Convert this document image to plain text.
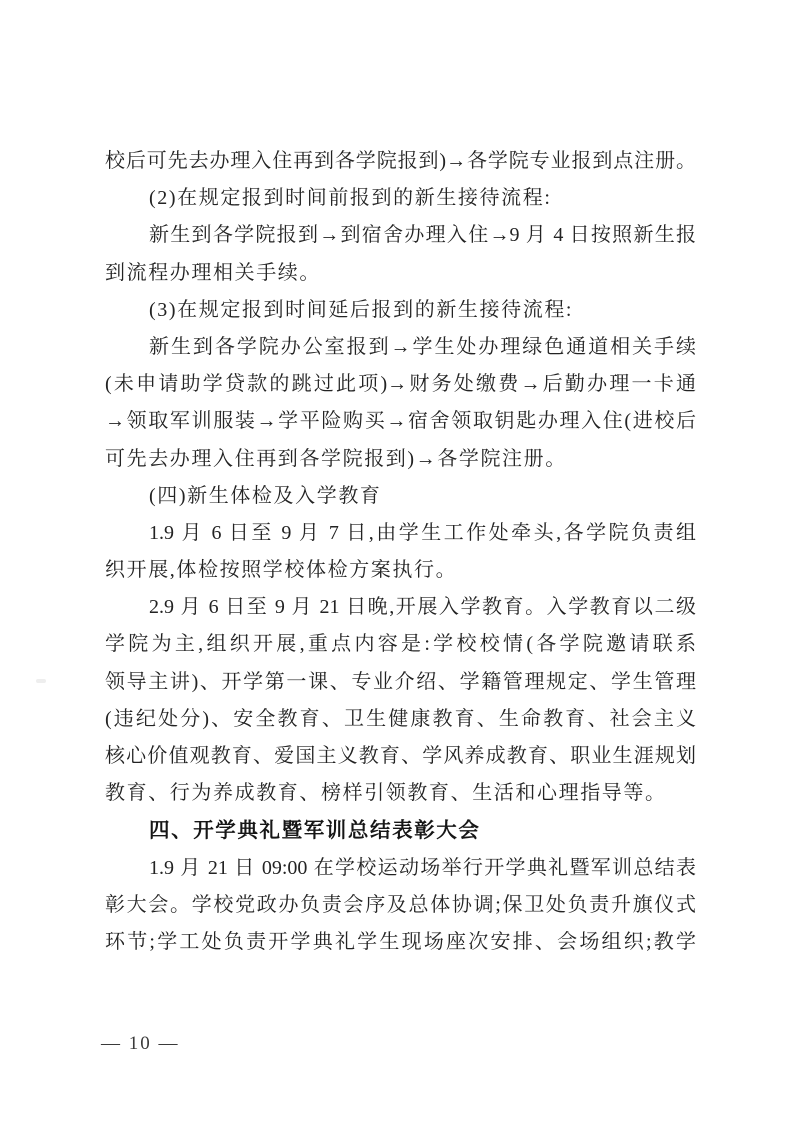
校后可先去办理入住再到各学院报到)→各学院专业报到点注册。
(2)在规定报到时间前报到的新生接待流程:
新生到各学院报到→到宿舍办理入住→9 月 4 日按照新生报
到流程办理相关手续。
(3)在规定报到时间延后报到的新生接待流程:
新生到各学院办公室报到→学生处办理绿色通道相关手续
(未申请助学贷款的跳过此项)→财务处缴费→后勤办理一卡通
→领取军训服装→学平险购买→宿舍领取钥匙办理入住(进校后
可先去办理入住再到各学院报到)→各学院注册。
(四)新生体检及入学教育
1.9 月 6 日至 9 月 7 日,由学生工作处牵头,各学院负责组
织开展,体检按照学校体检方案执行。
2.9 月 6 日至 9 月 21 日晚,开展入学教育。入学教育以二级
学院为主,组织开展,重点内容是:学校校情(各学院邀请联系
领导主讲)、开学第一课、专业介绍、学籍管理规定、学生管理
(违纪处分)、安全教育、卫生健康教育、生命教育、社会主义
核心价值观教育、爱国主义教育、学风养成教育、职业生涯规划
教育、行为养成教育、榜样引领教育、生活和心理指导等。
四、开学典礼暨军训总结表彰大会
1.9 月 21 日 09:00 在学校运动场举行开学典礼暨军训总结表
彰大会。学校党政办负责会序及总体协调;保卫处负责升旗仪式
环节;学工处负责开学典礼学生现场座次安排、会场组织;教学
— 10 —
